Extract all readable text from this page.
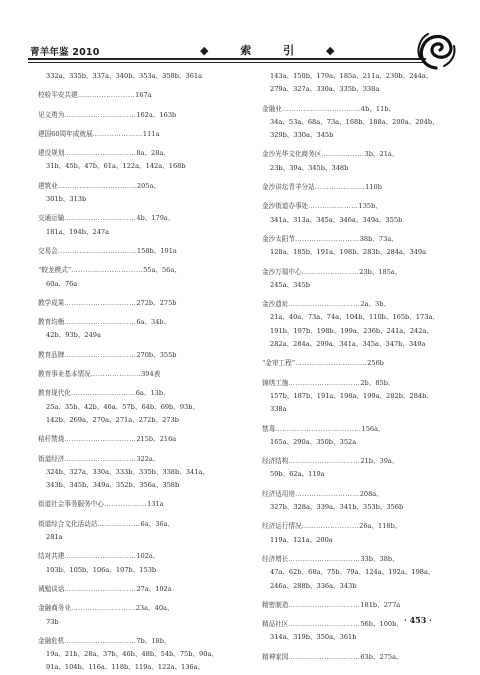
青羊年鉴 2010	◆ 索 引 ◆
332a、335b、337a、340b、353a、358b、361a
校检平安共建……………………167a
见义勇为…………………………162a、163b
建国60周年成就展…………………111a
建设规划…………………………8a、28a、
31b、45b、47b、61a、122a、142a、168b
建筑业……………………………205a、
301b、313b
交通运输…………………………4b、179a、
181a、194b、247a
交易会……………………………158b、191a
“蛟龙模式”…………………………55a、56a、
60a、76a
教学成果…………………………272b、275b
教育均衡…………………………6a、34b、
42b、93b、249a
教育品牌…………………………270b、355b
教育事业基本情况…………………394表
教育现代化………………………6a、13b、
25a、35b、42b、46a、57b、64b、69b、93b、
142b、269a、270a、271a、272b、273b
秸秆禁烧…………………………215b、216a
街道经济…………………………322a、
324b、327a、330a、333b、335b、338b、341a、
343b、345b、349a、352b、356a、358b
街道社会事务服务中心………………131a
街道综合文化活动站………………6a、36a、
281a
结对共建…………………………102a、
103b、105b、106a、107b、153b
诫勉谈话…………………………27a、102a
金融商务业………………………23a、40a、
73b
金融危机…………………………7b、18b、
19a、21b、28a、37b、46b、48b、54b、75b、90a、
91a、104b、116a、118b、119a、122a、136a、
143a、150b、179a、185a、211a、230b、244a、
279a、327a、330a、335b、338a
金融业……………………………4b、11b、
34a、53a、68a、73a、168b、188a、200a、204b、
329b、330a、345b
金沙光华文化商务区………………3b、21a、
23b、39a、345b、348b
金沙讲坛青羊分站…………………110b
金沙街道办事处…………………135b、
341a、313a、345a、346a、349a、355b
金沙太阳节………………………38b、73a、
128a、185b、191a、198b、283b、284a、349a
金沙万瑞中心……………………23b、185a、
245a、345b
金沙遗址…………………………2a、3b、
21a、40a、73a、74a、104b、110b、165b、173a、
191b、197b、198b、199a、236b、241a、242a、
282a、284a、299a、341a、345a、347b、349a
“金审工程”…………………………256b
锦绣工施…………………………2b、85b、
157b、187b、191a、198a、199a、282b、284b、
338a
禁毒………………………………156a、
165a、290a、350b、352a
经济结构…………………………21b、39a、
59b、62a、119a
经济适用房………………………208a、
327b、328a、339a、341b、353b、356b
经济运行情况……………………26a、118b、
119a、121a、200a
经济增长…………………………33b、38b、
47a、62b、68a、75b、79a、124a、192a、198a、
246a、288b、336a、343b
精密制造…………………………181b、277a
精品社区…………………………56b、100b、
314a、319b、350a、361b
精神家园…………………………63b、275a、
· 453 ·
